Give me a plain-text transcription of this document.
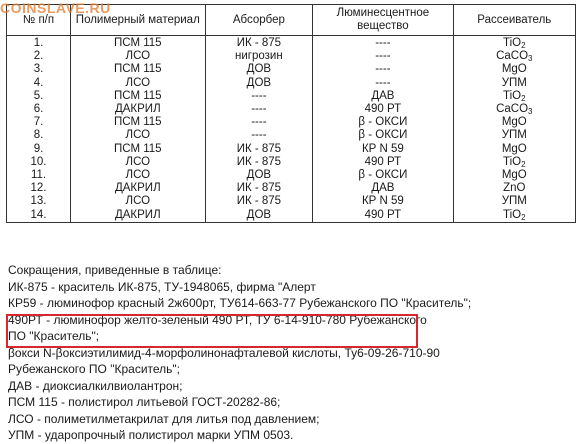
COINSLAVE.RU
№ п/п	Полимерный материал	Абсорбер	Люминесцентное
вещество	Рассеиватель
1.	ПСМ 115	ИК - 875	----	TiO$_2$
2.	ЛСО	нигрозин	----	CaCO$_3$
3.	ПСМ 115	ДОВ	----	MgO
4.	ЛСО	ДОВ	----	УПМ
5.	ПСМ 115	----	ДАВ	TiO$_2$
6.	ДАКРИЛ	----	490 РТ	CaCO$_3$
7.	ПСМ 115	----	β - ОКСИ	MgO
8.	ЛСО	----	β - ОКСИ	УПМ
9.	ПСМ 115	ИК - 875	КР N 59	MgO
10.	ЛСО	ИК - 875	490 РТ	TiO$_2$
11.	ЛСО	ДОВ	β - ОКСИ	MgO
12.	ДАКРИЛ	ИК - 875	ДАВ	ZnO
13.	ЛСО	ИК - 875	КР N 59	УПМ
14.	ДАКРИЛ	ДОВ	490 РТ	TiO$_2$

Сокращения, приведенные в таблице:

ИК-875 - краситель ИК-875, ТУ-1948065, фирма "Алерт

КР59 - люминофор красный 2ж600рт, ТУ614-663-77 Рубежанского ПО "Краситель";

490РТ - люминофор желто-зеленый 490 РТ, ТУ 6-14-910-780 Рубежанского

ПО "Краситель";

βокси N-βоксиэтилимид-4-морфолинонафталевой кислоты, Ту6-09-26-710-90

Рубежанского ПО "Краситель";

ДАВ - диоксиалкилвиолантрон;

ПСМ 115 - полистирол литьевой ГОСТ-20282-86;

ЛСО - полиметилметакрилат для литья под давлением;

УПМ - ударопрочный полистирол марки УПМ 0503.
